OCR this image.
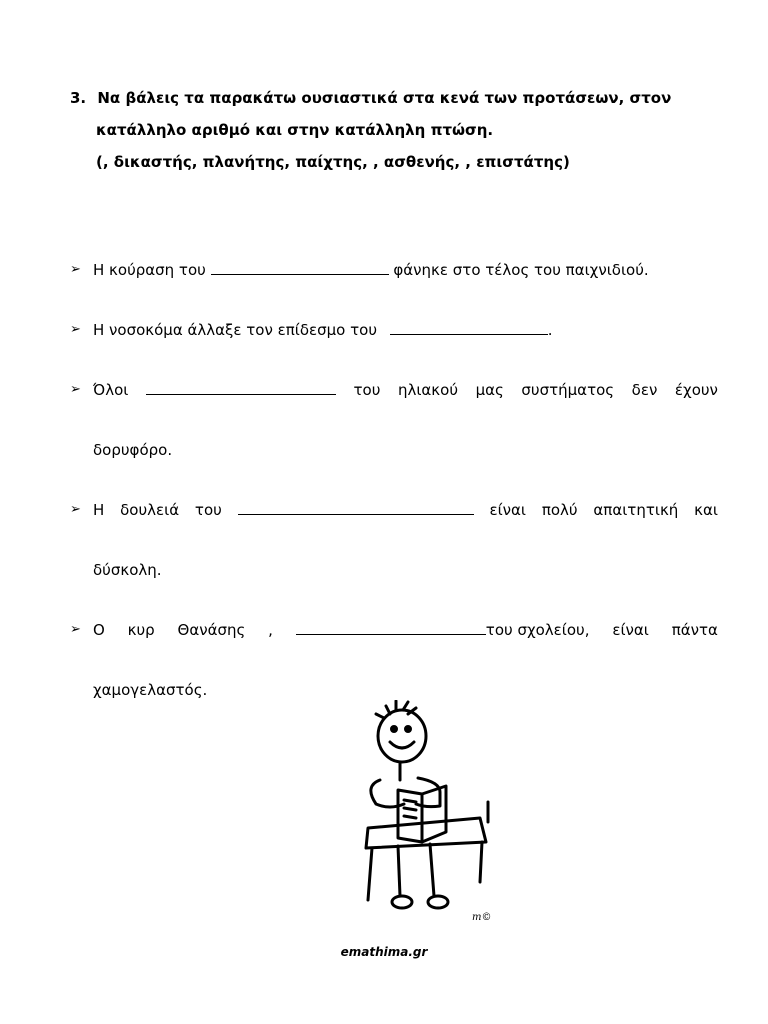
3. Να βάλεις τα παρακάτω ουσιαστικά στα κενά των προτάσεων, στον
κατάλληλο αριθμό και στην κατάλληλη πτώση.
(, δικαστής, πλανήτης, παίχτης, , ασθενής, , επιστάτης)
➢ Η κούραση του	φάνηκε στο τέλος του παιχνιδιού.
➢ Η νοσοκόμα άλλαξε τον επίδεσμο του	.
➢ Όλοι	του ηλιακού μας συστήματος δεν έχουν
δορυφόρο.
➢ Η δουλειά του	είναι πολύ απαιτητική και
δύσκολη.
➢ Ο κυρ Θανάσης ,	του σχολείου, είναι πάντα
χαμογελαστός.
m©
emathima.gr
